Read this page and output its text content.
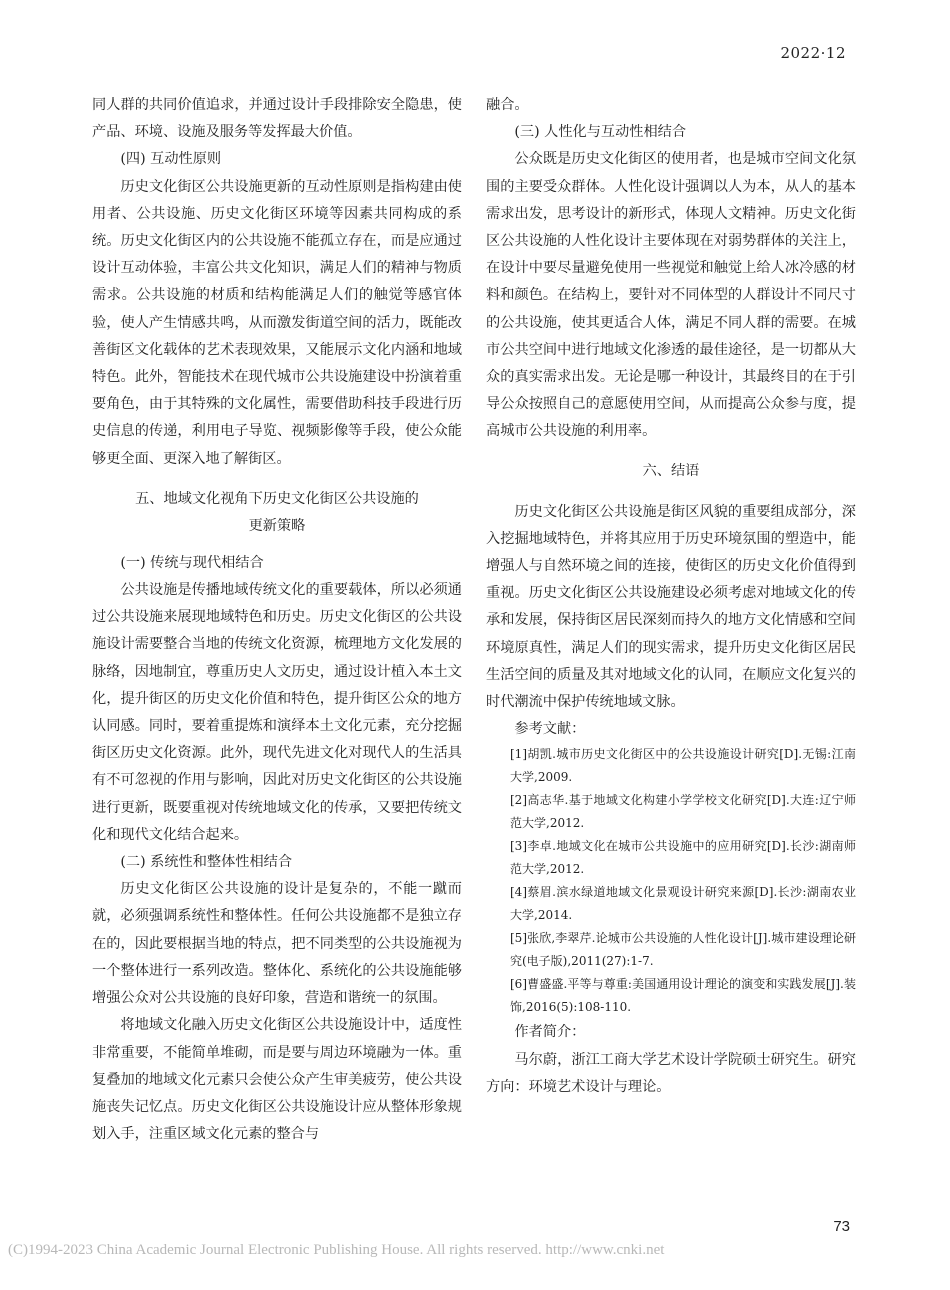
2022·12

同人群的共同价值追求，并通过设计手段排除安全隐患，使产品、环境、设施及服务等发挥最大价值。

(四) 互动性原则

历史文化街区公共设施更新的互动性原则是指构建由使用者、公共设施、历史文化街区环境等因素共同构成的系统。历史文化街区内的公共设施不能孤立存在，而是应通过设计互动体验，丰富公共文化知识，满足人们的精神与物质需求。公共设施的材质和结构能满足人们的触觉等感官体验，使人产生情感共鸣，从而激发街道空间的活力，既能改善街区文化载体的艺术表现效果，又能展示文化内涵和地域特色。此外，智能技术在现代城市公共设施建设中扮演着重要角色，由于其特殊的文化属性，需要借助科技手段进行历史信息的传递，利用电子导览、视频影像等手段，使公众能够更全面、更深入地了解街区。

五、地域文化视角下历史文化街区公共设施的
更新策略

(一) 传统与现代相结合

公共设施是传播地域传统文化的重要载体，所以必须通过公共设施来展现地域特色和历史。历史文化街区的公共设施设计需要整合当地的传统文化资源，梳理地方文化发展的脉络，因地制宜，尊重历史人文历史，通过设计植入本土文化，提升街区的历史文化价值和特色，提升街区公众的地方认同感。同时，要着重提炼和演绎本土文化元素，充分挖掘街区历史文化资源。此外，现代先进文化对现代人的生活具有不可忽视的作用与影响，因此对历史文化街区的公共设施进行更新，既要重视对传统地域文化的传承，又要把传统文化和现代文化结合起来。

(二) 系统性和整体性相结合

历史文化街区公共设施的设计是复杂的，不能一蹴而就，必须强调系统性和整体性。任何公共设施都不是独立存在的，因此要根据当地的特点，把不同类型的公共设施视为一个整体进行一系列改造。整体化、系统化的公共设施能够增强公众对公共设施的良好印象，营造和谐统一的氛围。

将地域文化融入历史文化街区公共设施设计中，适度性非常重要，不能简单堆砌，而是要与周边环境融为一体。重复叠加的地域文化元素只会使公众产生审美疲劳，使公共设施丧失记忆点。历史文化街区公共设施设计应从整体形象规划入手，注重区域文化元素的整合与

融合。

(三) 人性化与互动性相结合

公众既是历史文化街区的使用者，也是城市空间文化氛围的主要受众群体。人性化设计强调以人为本，从人的基本需求出发，思考设计的新形式，体现人文精神。历史文化街区公共设施的人性化设计主要体现在对弱势群体的关注上，在设计中要尽量避免使用一些视觉和触觉上给人冰冷感的材料和颜色。在结构上，要针对不同体型的人群设计不同尺寸的公共设施，使其更适合人体，满足不同人群的需要。在城市公共空间中进行地域文化渗透的最佳途径，是一切都从大众的真实需求出发。无论是哪一种设计，其最终目的在于引导公众按照自己的意愿使用空间，从而提高公众参与度，提高城市公共设施的利用率。

六、结语

历史文化街区公共设施是街区风貌的重要组成部分，深入挖掘地域特色，并将其应用于历史环境氛围的塑造中，能增强人与自然环境之间的连接，使街区的历史文化价值得到重视。历史文化街区公共设施建设必须考虑对地域文化的传承和发展，保持街区居民深刻而持久的地方文化情感和空间环境原真性，满足人们的现实需求，提升历史文化街区居民生活空间的质量及其对地域文化的认同，在顺应文化复兴的时代潮流中保护传统地域文脉。

参考文献：

[1]胡凯.城市历史文化街区中的公共设施设计研究[D].无锡:江南大学,2009.

[2]高志华.基于地域文化构建小学学校文化研究[D].大连:辽宁师范大学,2012.

[3]李卓.地域文化在城市公共设施中的应用研究[D].长沙:湖南师范大学,2012.

[4]蔡眉.滨水绿道地域文化景观设计研究来源[D].长沙:湖南农业大学,2014.

[5]张欣,李翠芹.论城市公共设施的人性化设计[J].城市建设理论研究(电子版),2011(27):1-7.

[6]曹盛盛.平等与尊重:美国通用设计理论的演变和实践发展[J].装饰,2016(5):108-110.

作者简介：

马尔蔚，浙江工商大学艺术设计学院硕士研究生。研究方向：环境艺术设计与理论。

73
(C)1994-2023 China Academic Journal Electronic Publishing House. All rights reserved. http://www.cnki.net
